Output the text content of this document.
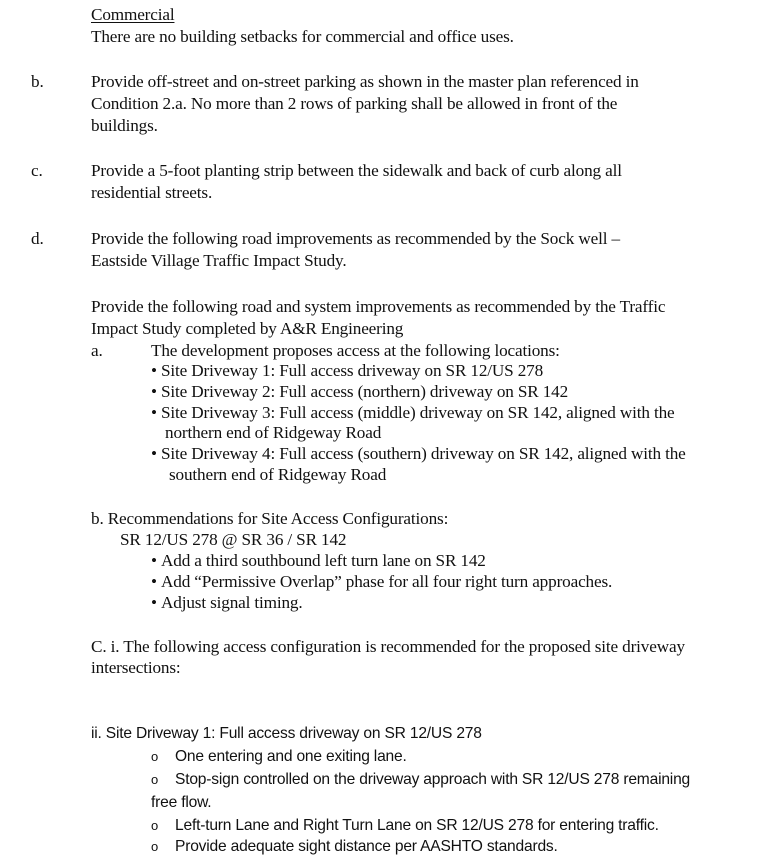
Commercial
There are no building setbacks for commercial and office uses.
b.	Provide off-street and on-street parking as shown in the master plan referenced in
Condition 2.a. No more than 2 rows of parking shall be allowed in front of the
buildings.
c.	Provide a 5-foot planting strip between the sidewalk and back of curb along all
residential streets.
d.	Provide the following road improvements as recommended by the Sock well –
Eastside Village Traffic Impact Study.
Provide the following road and system improvements as recommended by the Traffic
Impact Study completed by A&R Engineering
a.	The development proposes access at the following locations:
• Site Driveway 1: Full access driveway on SR 12/US 278
• Site Driveway 2: Full access (northern) driveway on SR 142
• Site Driveway 3: Full access (middle) driveway on SR 142, aligned with the
northern end of Ridgeway Road
• Site Driveway 4: Full access (southern) driveway on SR 142, aligned with the
southern end of Ridgeway Road
b. Recommendations for Site Access Configurations:
SR 12/US 278 @ SR 36 / SR 142
• Add a third southbound left turn lane on SR 142
• Add “Permissive Overlap” phase for all four right turn approaches.
• Adjust signal timing.
C. i. The following access configuration is recommended for the proposed site driveway
intersections:
ii. Site Driveway 1: Full access driveway on SR 12/US 278
o One entering and one exiting lane.
o Stop-sign controlled on the driveway approach with SR 12/US 278 remaining
free flow.
o Left-turn Lane and Right Turn Lane on SR 12/US 278 for entering traffic.
o Provide adequate sight distance per AASHTO standards.
